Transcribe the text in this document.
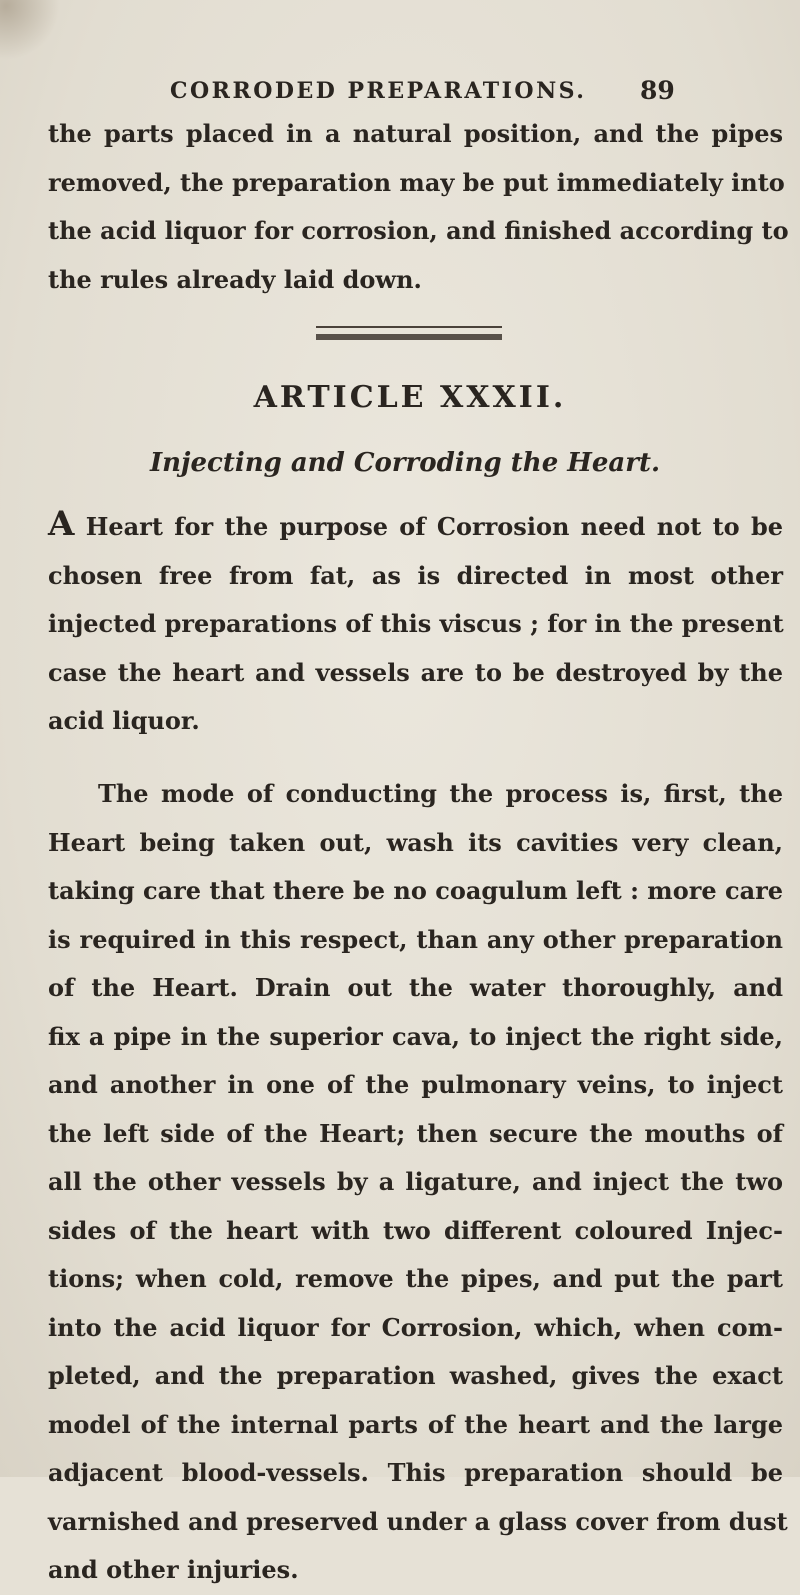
CORRODED PREPARATIONS. 89
the parts placed in a natural position, and the pipes
removed, the preparation may be put immediately into
the acid liquor for corrosion, and finished according to
the rules already laid down.
ARTICLE XXXII.
Injecting and Corroding the Heart.
A Heart for the purpose of Corrosion need not to be
chosen free from fat, as is directed in most other
injected preparations of this viscus ; for in the present
case the heart and vessels are to be destroyed by the
acid liquor.
The mode of conducting the process is, first, the
Heart being taken out, wash its cavities very clean,
taking care that there be no coagulum left : more care
is required in this respect, than any other preparation
of the Heart. Drain out the water thoroughly, and
fix a pipe in the superior cava, to inject the right side,
and another in one of the pulmonary veins, to inject
the left side of the Heart; then secure the mouths of
all the other vessels by a ligature, and inject the two
sides of the heart with two different coloured Injec-
tions; when cold, remove the pipes, and put the part
into the acid liquor for Corrosion, which, when com-
pleted, and the preparation washed, gives the exact
model of the internal parts of the heart and the large
adjacent blood-vessels. This preparation should be
varnished and preserved under a glass cover from dust
and other injuries.
